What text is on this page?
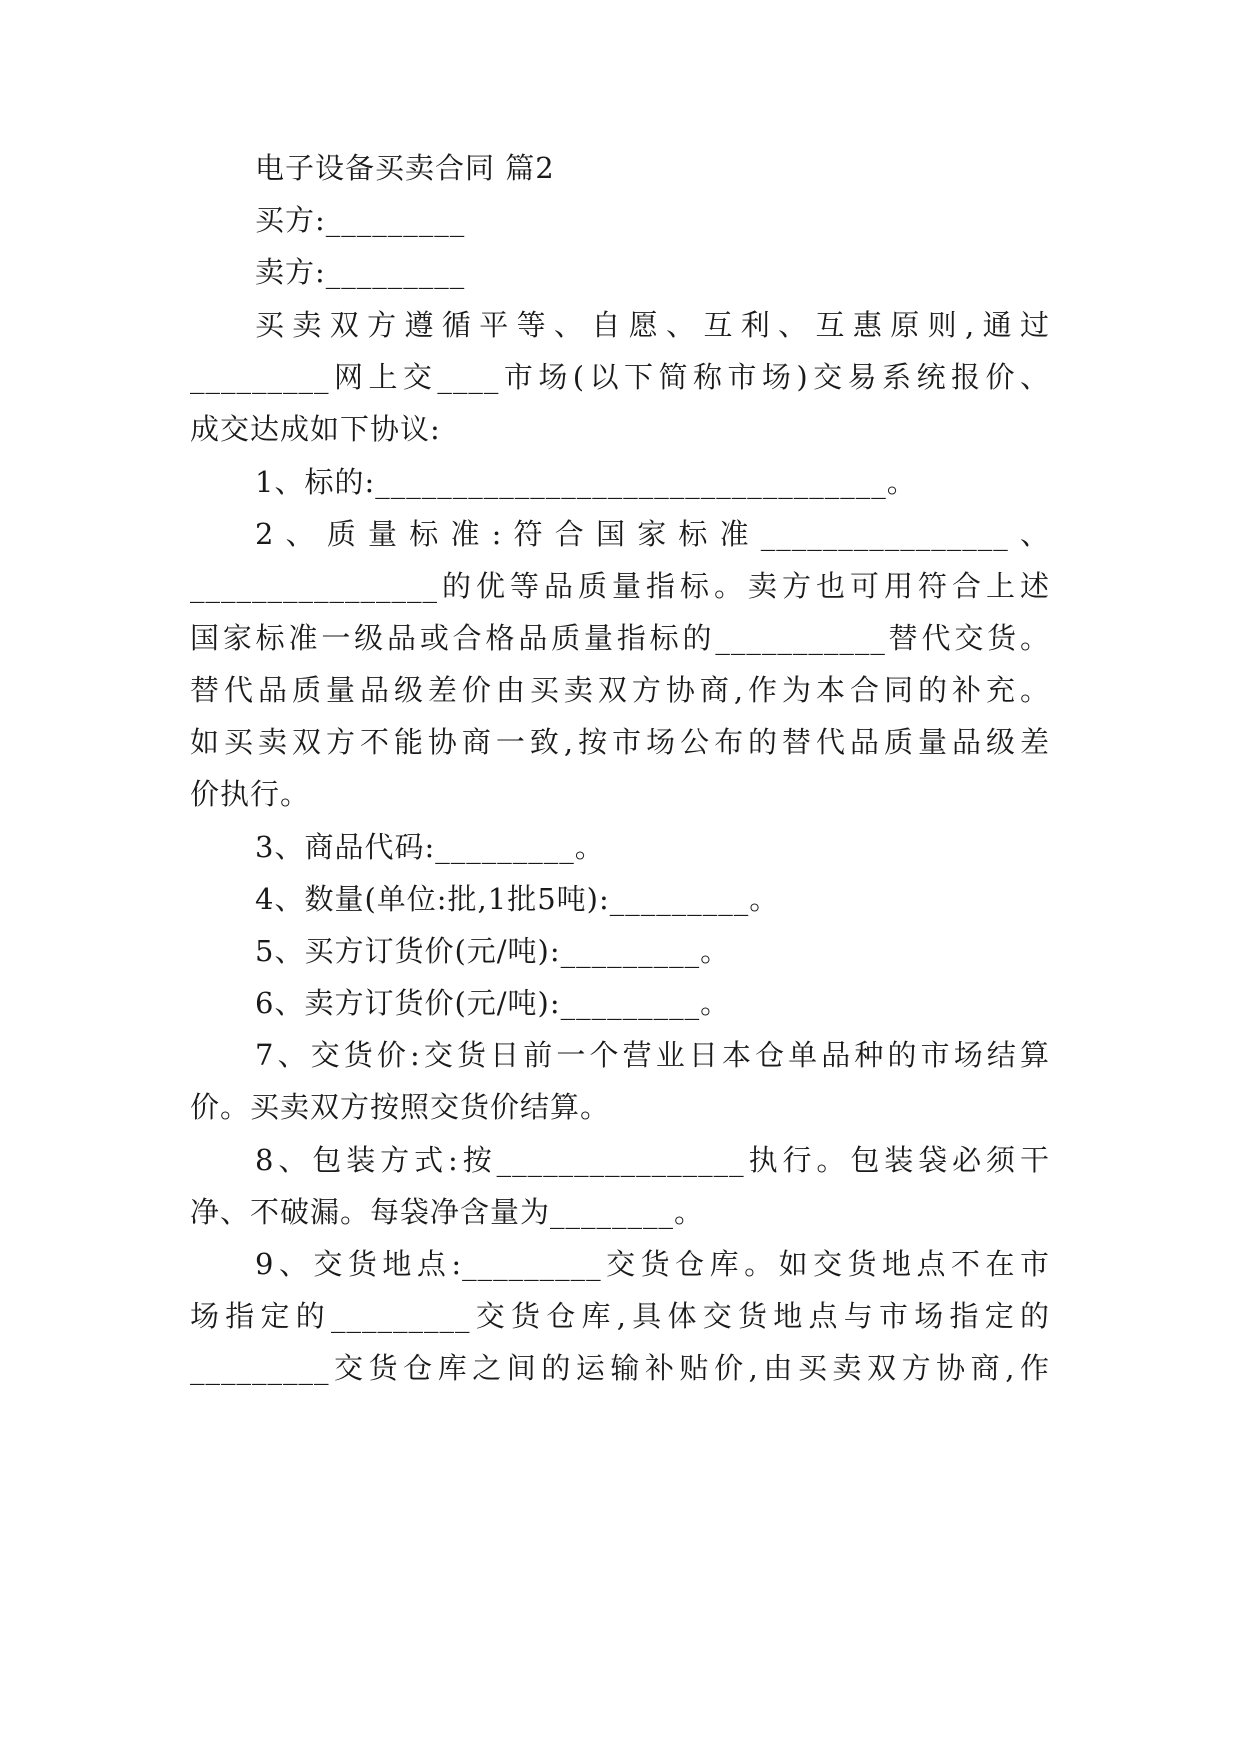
电子设备买卖合同 篇2
买方:_________
卖方:_________
买卖双方遵循平等、自愿、互利、互惠原则,通过
_________网上交____市场(以下简称市场)交易系统报价、
成交达成如下协议:
1、标的:_________________________________。
2、质量标准:符合国家标准________________、
________________的优等品质量指标。卖方也可用符合上述
国家标准一级品或合格品质量指标的___________替代交货。
替代品质量品级差价由买卖双方协商,作为本合同的补充。
如买卖双方不能协商一致,按市场公布的替代品质量品级差
价执行。
3、商品代码:_________。
4、数量(单位:批,1批5吨):_________。
5、买方订货价(元/吨):_________。
6、卖方订货价(元/吨):_________。
7、交货价:交货日前一个营业日本仓单品种的市场结算
价。买卖双方按照交货价结算。
8、包装方式:按________________执行。包装袋必须干
净、不破漏。每袋净含量为________。
9、交货地点:_________交货仓库。如交货地点不在市
场指定的_________交货仓库,具体交货地点与市场指定的
_________交货仓库之间的运输补贴价,由买卖双方协商,作
